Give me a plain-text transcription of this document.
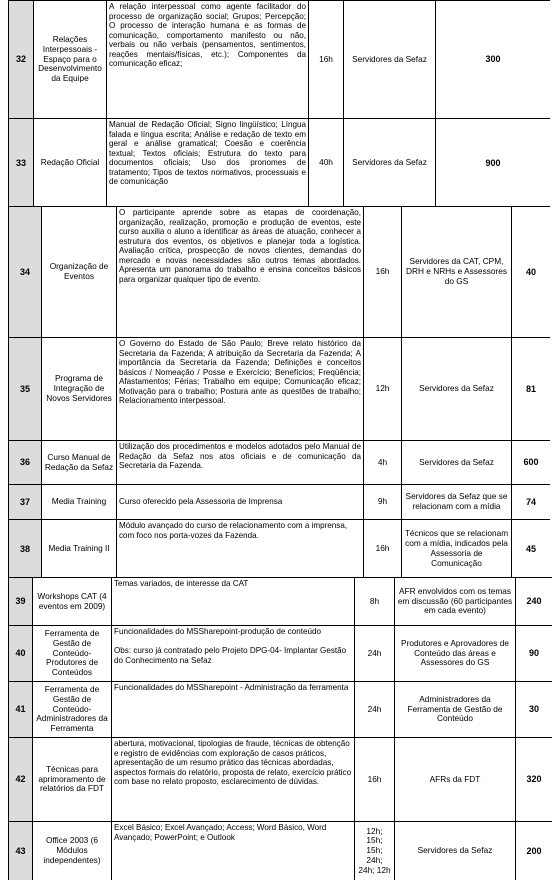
32	Relações Interpessoais - Espaço para o Desenvolvimento da Equipe	A relação interpessoal como agente facilitador do processo de organização social; Grupos; Percepção; O processo de interação humana e as formas de comunicação, comportamento manifesto ou não, verbais ou não verbais (pensamentos, sentimentos, reações mentais/físicas, etc.); Componentes da comunicação eficaz;	16h	Servidores da Sefaz	300
33	Redação Oficial	Manual de Redação Oficial; Signo lingüístico; Língua falada e língua escrita; Análise e redação de texto em geral e análise gramatical; Coesão e coerência textual; Textos oficiais; Estrutura do texto para documentos oficiais; Uso dos pronomes de tratamento; Tipos de textos normativos, processuais e de comunicação	40h	Servidores da Sefaz	900
34	Organização de Eventos	O participante aprende sobre as etapas de coordenação, organização, realização, promoção e produção de eventos, este curso auxilia o aluno a identificar as áreas de atuação, conhecer a estrutura dos eventos, os objetivos e planejar toda a logística. Avaliação crítica, prospecção de novos clientes, demandas do mercado e novas necessidades são outros temas abordados. Apresenta um panorama do trabalho e ensina conceitos básicos para organizar qualquer tipo de evento.	16h	Servidores da CAT, CPM, DRH e NRHs e Assessores do GS	40
35	Programa de Integração de Novos Servidores	O Governo do Estado de São Paulo; Breve relato histórico da Secretaria da Fazenda; A atribuição da Secretaria da Fazenda; A importância da Secretaria da Fazenda; Definições e conceitos básicos / Nomeação / Posse e Exercício; Benefícios; Freqüência; Afastamentos; Férias; Trabalho em equipe; Comunicação eficaz; Motivação para o trabalho; Postura ante as questões de trabalho; Relacionamento interpessoal.	12h	Servidores da Sefaz	81
36	Curso Manual de Redação da Sefaz	Utilização dos procedimentos e modelos adotados pelo Manual de Redação da Sefaz nos atos oficiais e de comunicação da Secretaria da Fazenda.	4h	Servidores da Sefaz	600
37	Media Training	Curso oferecido pela Assessoria de Imprensa	9h	Servidores da Sefaz que se relacionam com a mídia	74
38	Media Training II	Módulo avançado do curso de relacionamento com a imprensa, com foco nos porta-vozes da Fazenda.	16h	Técnicos que se relacionam com a mídia, indicados pela Assessoria de Comunicação	45
39	Workshops CAT (4 eventos em 2009)	Temas variados, de interesse da CAT	8h	AFR envolvidos com os temas em discussão (60 participantes em cada evento)	240
40	Ferramenta de Gestão de Conteúdo-Produtores de Conteúdos	Funcionalidades do MSSharepoint-produção de conteúdo

Obs: curso já contratado pelo Projeto DPG-04- Implantar Gestão do Conhecimento na Sefaz	24h	Produtores e Aprovadores de Conteúdo das áreas e Assessores do GS	90
41	Ferramenta de Gestão de Conteúdo-Administradores da Ferramenta	Funcionalidades do MSSharepoint - Administração da ferramenta	24h	Administradores da Ferramenta de Gestão de Conteúdo	30
42	Técnicas para aprimoramento de relatórios da FDT	abertura, motivacional, tipologias de fraude, técnicas de obtenção e registro de evidências com exploração de casos práticos, apresentação de um resumo prático das técnicas abordadas, aspectos formais do relatório, proposta de relato, exercício prático com base no relato proposto, esclarecimento de dúvidas.	16h	AFRs da FDT	320
43	Office 2003 (6 Módulos independentes)	Excel Básico; Excel Avançado; Access; Word Básico, Word Avançado; PowerPoint; e Outlook	12h;
15h;
15h;
24h;
24h; 12h	Servidores da Sefaz	200
